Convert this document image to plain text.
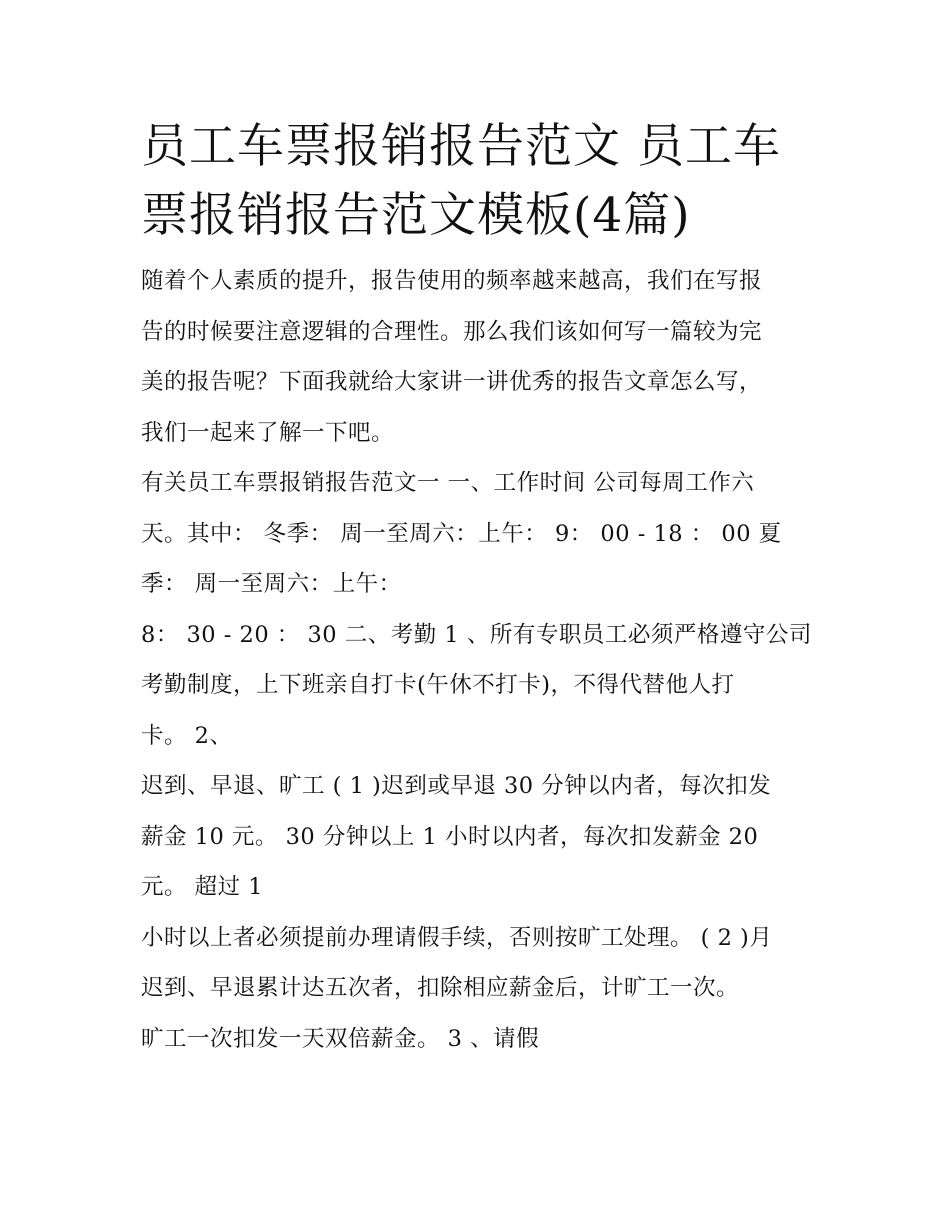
员工车票报销报告范文 员工车
票报销报告范文模板(4篇)

随着个人素质的提升，报告使用的频率越来越高，我们在写报
告的时候要注意逻辑的合理性。那么我们该如何写一篇较为完
美的报告呢？下面我就给大家讲一讲优秀的报告文章怎么写，
我们一起来了解一下吧。

有关员工车票报销报告范文一 一、工作时间 公司每周工作六
天。其中： 冬季： 周一至周六：上午： 9： 00 - 18 ： 00 夏
季： 周一至周六：上午：

8： 30 - 20 ： 30 二、考勤 1 、所有专职员工必须严格遵守公司
考勤制度，上下班亲自打卡(午休不打卡)，不得代替他人打
卡。 2、

迟到、早退、旷工 ( 1 )迟到或早退 30 分钟以内者，每次扣发
薪金 10 元。 30 分钟以上 1 小时以内者，每次扣发薪金 20
元。 超过 1

小时以上者必须提前办理请假手续，否则按旷工处理。 ( 2 )月
迟到、早退累计达五次者，扣除相应薪金后，计旷工一次。
旷工一次扣发一天双倍薪金。 3 、请假
